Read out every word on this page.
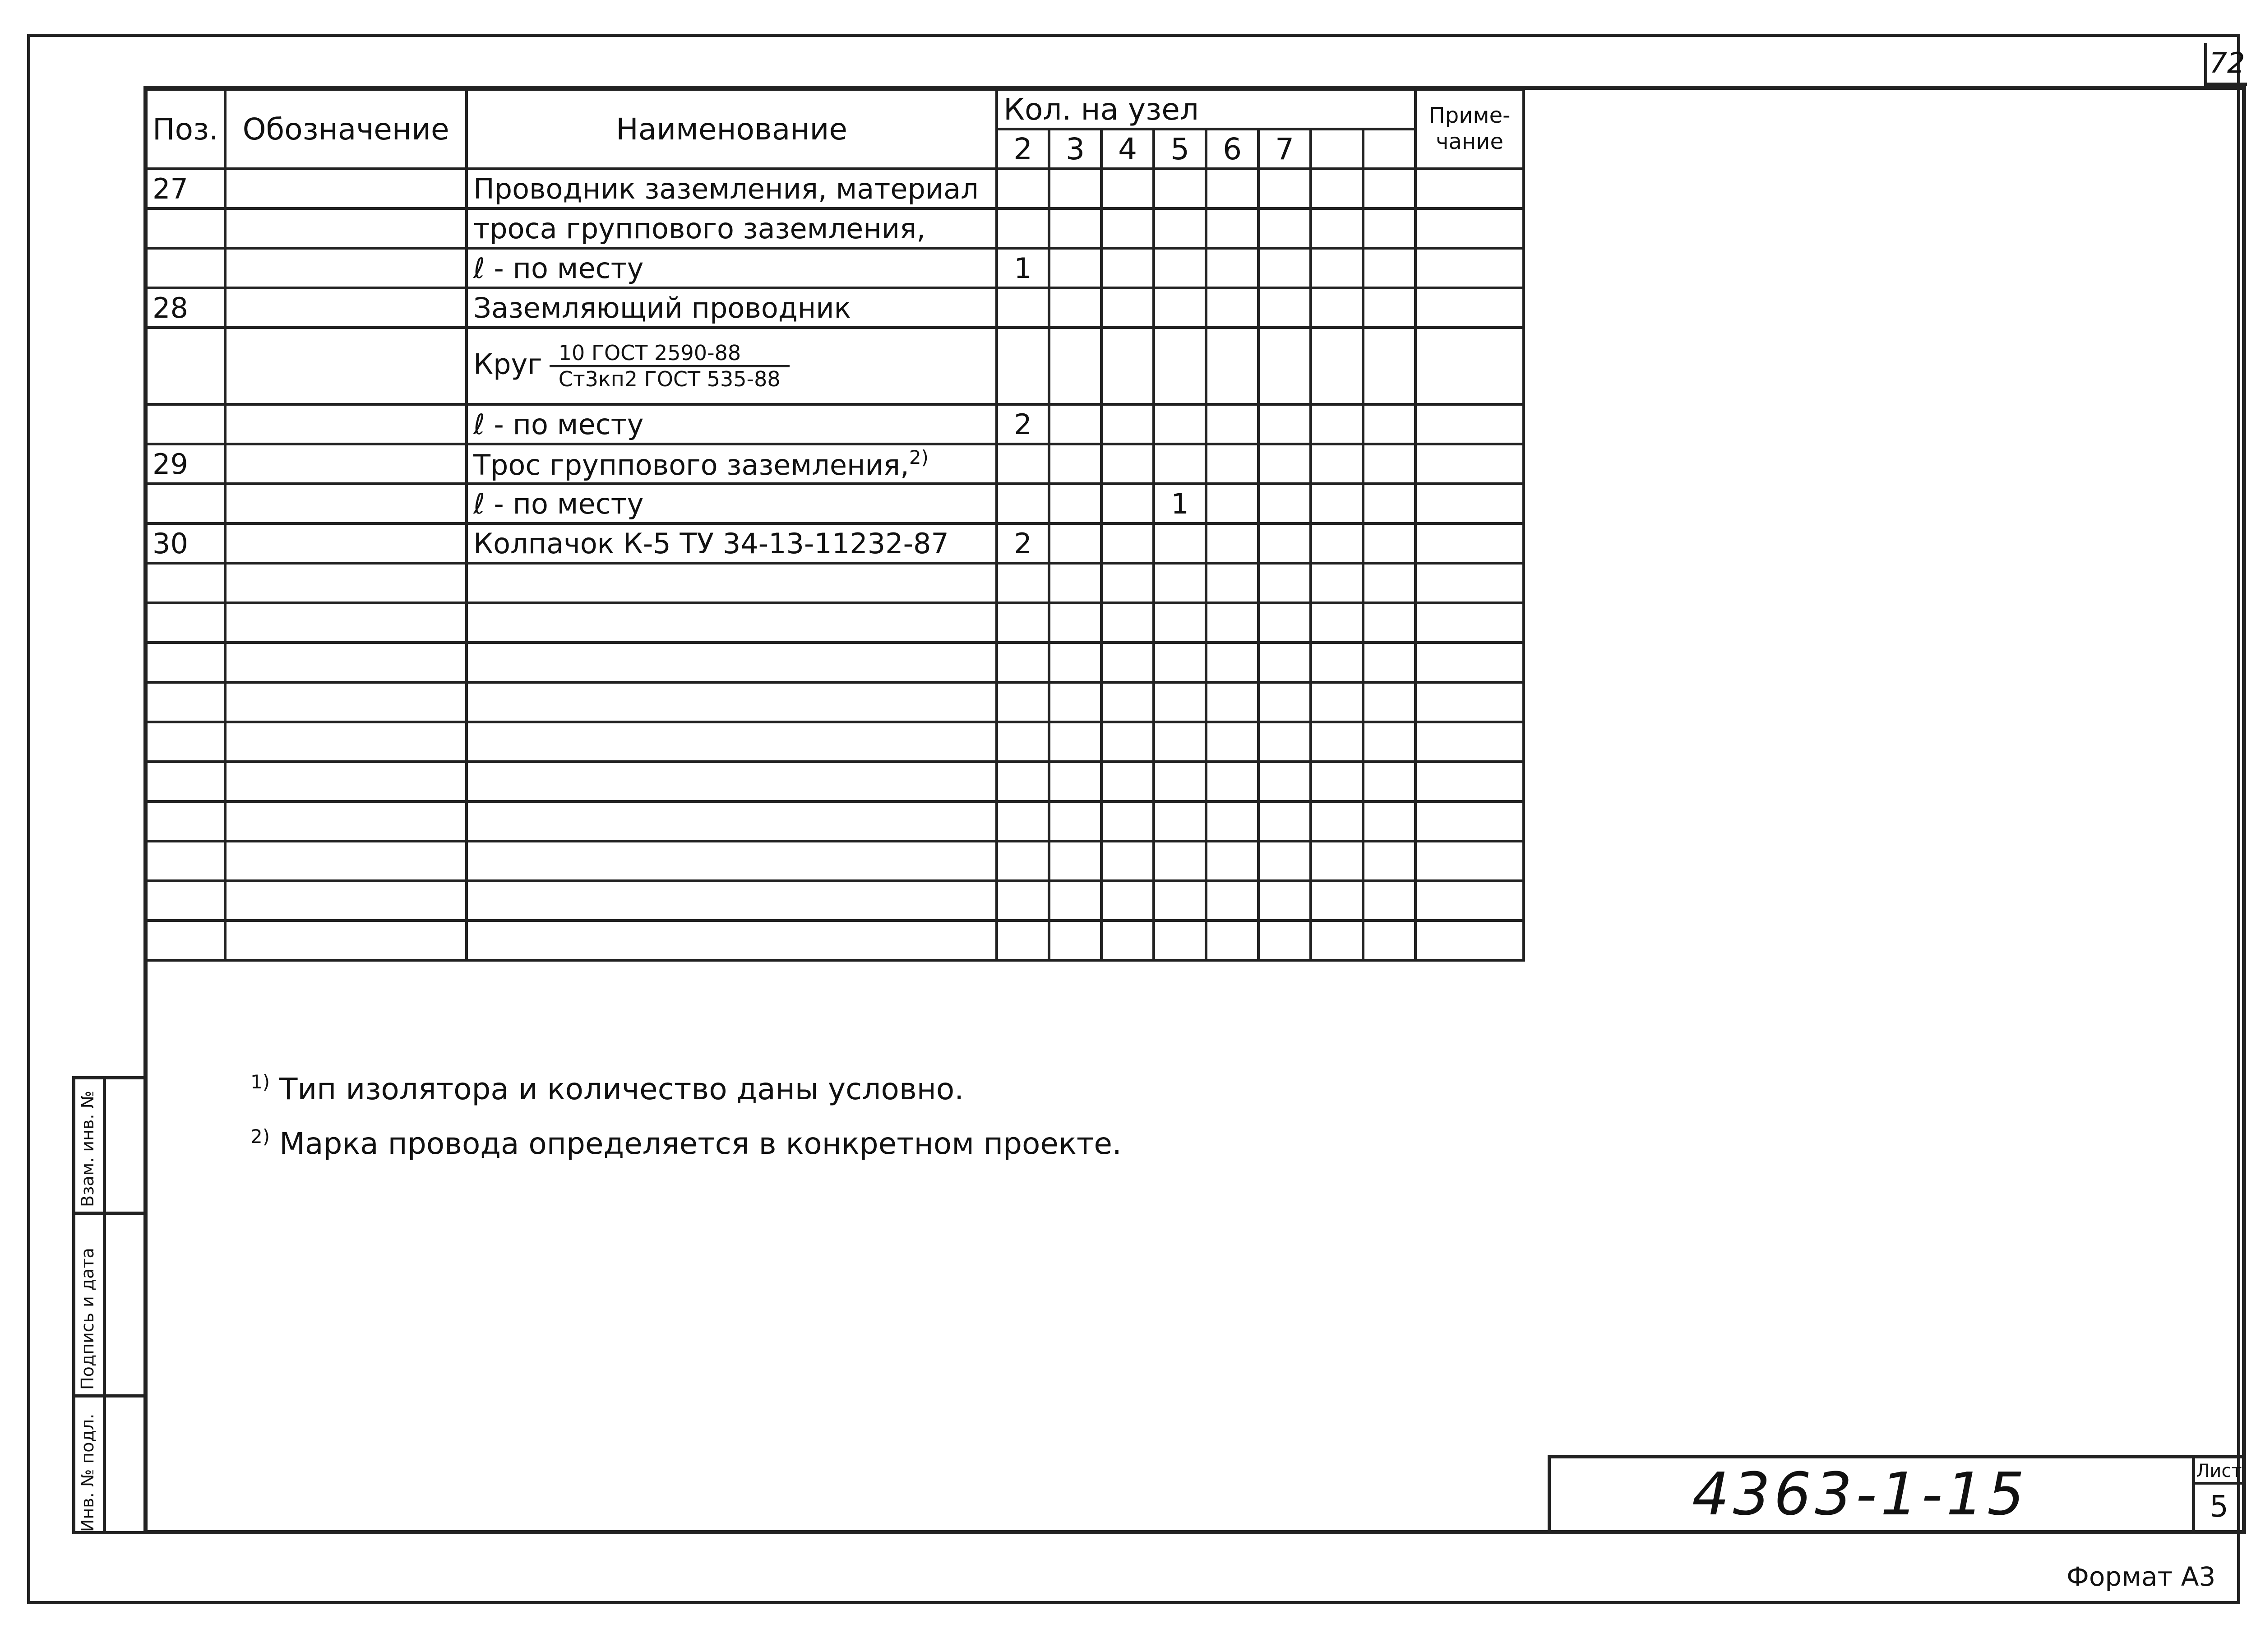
72
Взам. инв. №
Подпись и дата
Инв. № подл.
Поз.	Обозначение	Наименование	Кол. на узел								Приме- чание
			2	3	4	5	6	7			
27		Проводник заземления, материал									
		троса группового заземления,									
		ℓ - по месту	1								
28		Заземляющий проводник									
		Круг $\frac{\text{10 ГОСТ 2590-88}}{\text{Ст3кп2 ГОСТ 535-88}}$

		ℓ - по месту	2								
29		Трос группового заземления,$^{2)}$									
		ℓ - по месту				1					
30		Колпачок К-5 ТУ 34-13-11232-87	2								

$^{1)}$ Тип изолятора и количество даны условно.
$^{2)}$ Марка провода определяется в конкретном проекте.
4363-1-15	Лист
5
Формат А3
